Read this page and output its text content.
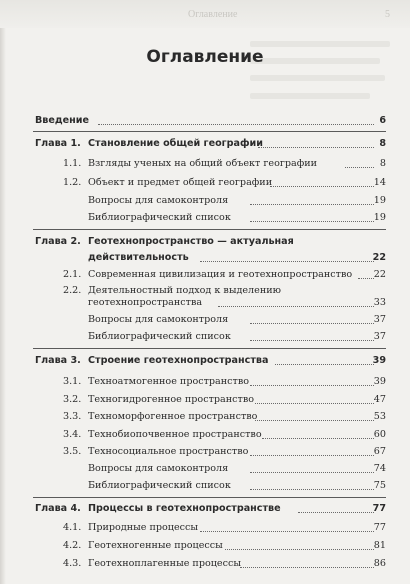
Оглавление	5
Оглавление
Введение	6
Глава 1. Становление общей географии	8
1.1. Взгляды ученых на общий объект географии	8
1.2. Объект и предмет общей географии	14
Вопросы для самоконтроля	19
Библиографический список	19
Глава 2. Геотехнопространство — актуальная
действительность	22
2.1. Современная цивилизация и геотехнопространство 22
2.2. Деятельностный подход к выделению
геотехнопространства	33
Вопросы для самоконтроля	37
Библиографический список	37
Глава 3. Строение геотехнопространства	39
3.1. Техноатмогенное пространство	39
3.2. Техногидрогенное пространство	47
3.3. Техноморфогенное пространство	53
3.4. Технобиопочвенное пространство	60
3.5. Техносоциальное пространство	67
Вопросы для самоконтроля	74
Библиографический список	75
Глава 4. Процессы в геотехнопространстве	77
4.1. Природные процессы	77
4.2. Геотехногенные процессы	81
4.3. Геотехноплагенные процессы	86
